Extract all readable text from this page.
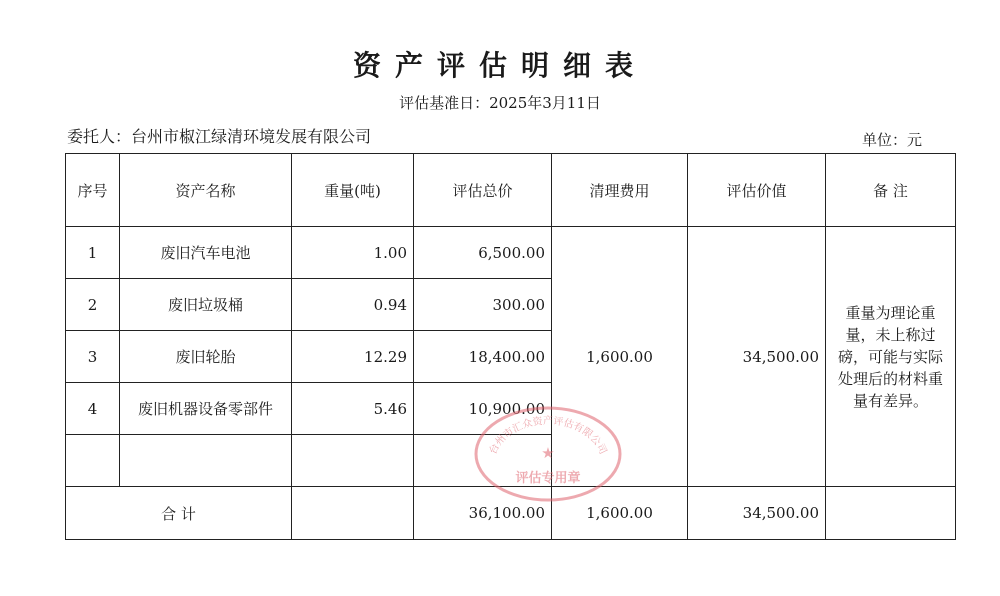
资产评估明细表
评估基准日：2025年3月11日
委托人：台州市椒江绿清环境发展有限公司	单位：元
序号	资产名称	重量(吨)	评估总价	清理费用	评估价值	备 注
1	废旧汽车电池	1.00	6,500.00	1,600.00	34,500.00	重量为理论重量，未上称过磅，可能与实际处理后的材料重量有差异。
2	废旧垃圾桶	0.94	300.00			
3	废旧轮胎	12.29	18,400.00			
4	废旧机器设备零部件	5.46	10,900.00			

合 计			36,100.00	1,600.00	34,500.00	
台州市汇众资产评估有限公司
★
评估专用章
